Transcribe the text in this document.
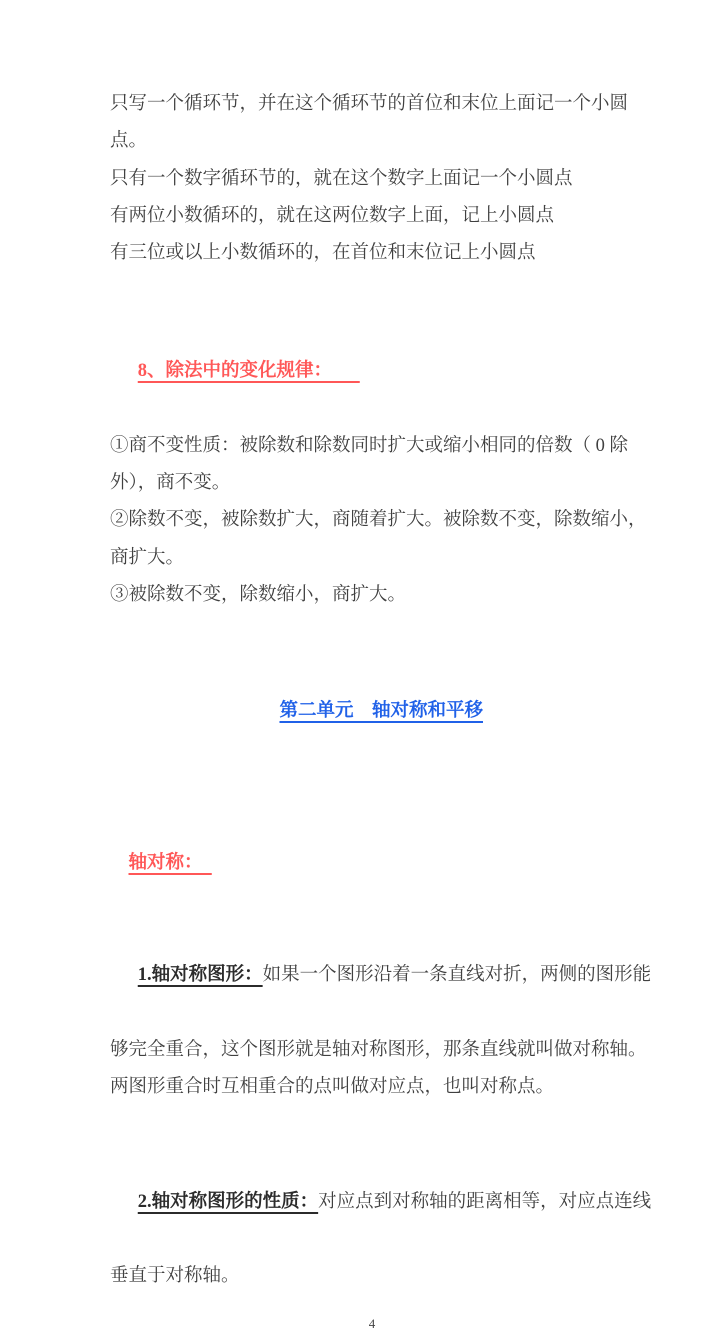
只写一个循环节，并在这个循环节的首位和末位上面记一个小圆
点。
只有一个数字循环节的，就在这个数字上面记一个小圆点
有两位小数循环的，就在这两位数字上面，记上小圆点
有三位或以上小数循环的，在首位和末位记上小圆点

8、除法中的变化规律：　　

①商不变性质：被除数和除数同时扩大或缩小相同的倍数（ 0 除
外），商不变。
②除数不变，被除数扩大，商随着扩大。被除数不变，除数缩小，
商扩大。
③被除数不变，除数缩小，商扩大。

第二单元　轴对称和平移

轴对称：　

1.轴对称图形：如果一个图形沿着一条直线对折，两侧的图形能

够完全重合，这个图形就是轴对称图形，那条直线就叫做对称轴。
两图形重合时互相重合的点叫做对应点，也叫对称点。

2.轴对称图形的性质：对应点到对称轴的距离相等，对应点连线

垂直于对称轴。
4
